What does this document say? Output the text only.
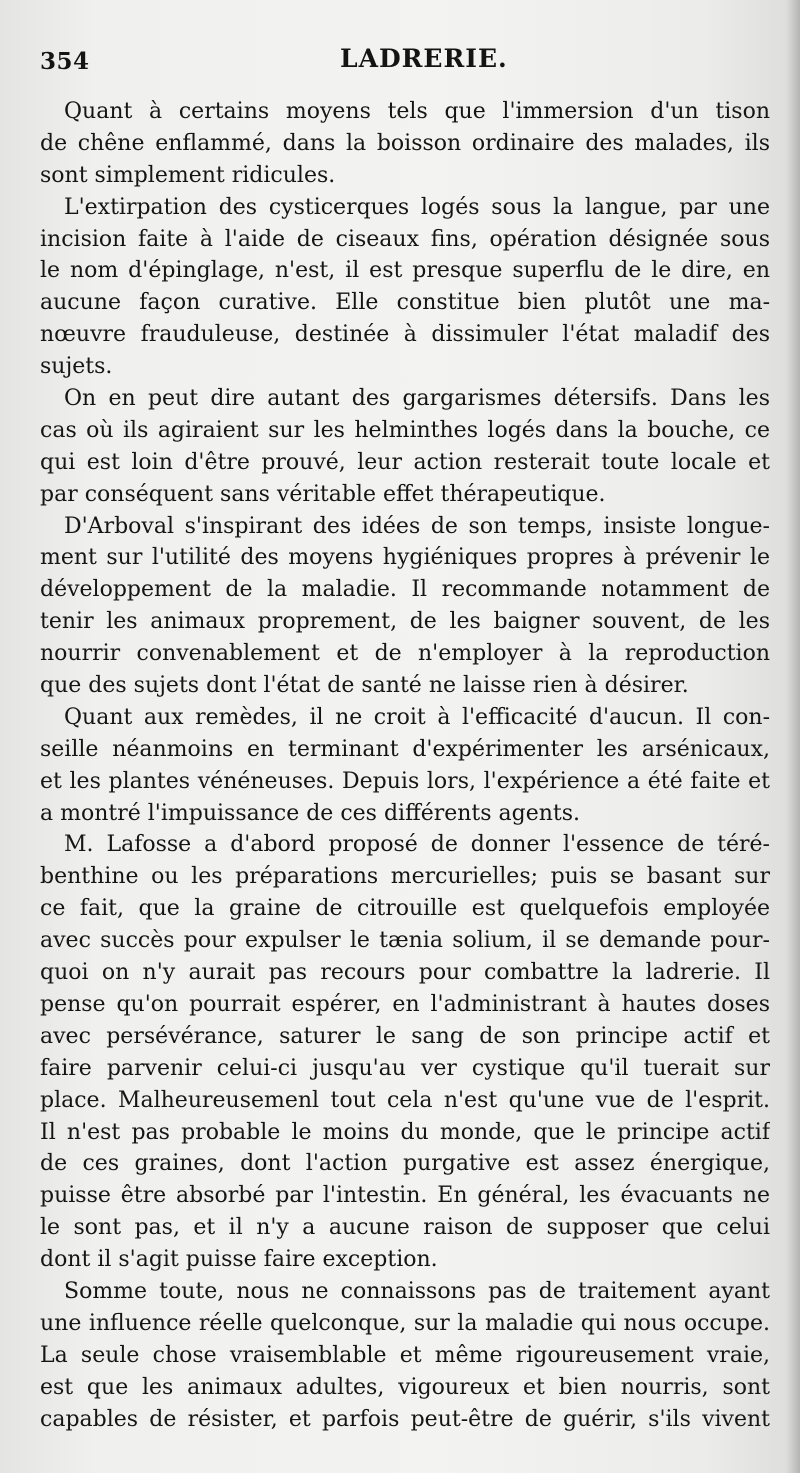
354	LADRERIE.
Quant à certains moyens tels que l'immersion d'un tison
de chêne enflammé, dans la boisson ordinaire des malades, ils
sont simplement ridicules.
L'extirpation des cysticerques logés sous la langue, par une
incision faite à l'aide de ciseaux fins, opération désignée sous
le nom d'épinglage, n'est, il est presque superflu de le dire, en
aucune façon curative. Elle constitue bien plutôt une ma-
nœuvre frauduleuse, destinée à dissimuler l'état maladif des
sujets.
On en peut dire autant des gargarismes détersifs. Dans les
cas où ils agiraient sur les helminthes logés dans la bouche, ce
qui est loin d'être prouvé, leur action resterait toute locale et
par conséquent sans véritable effet thérapeutique.
D'Arboval s'inspirant des idées de son temps, insiste longue-
ment sur l'utilité des moyens hygiéniques propres à prévenir le
développement de la maladie. Il recommande notamment de
tenir les animaux proprement, de les baigner souvent, de les
nourrir convenablement et de n'employer à la reproduction
que des sujets dont l'état de santé ne laisse rien à désirer.
Quant aux remèdes, il ne croit à l'efficacité d'aucun. Il con-
seille néanmoins en terminant d'expérimenter les arsénicaux,
et les plantes vénéneuses. Depuis lors, l'expérience a été faite et
a montré l'impuissance de ces différents agents.
M. Lafosse a d'abord proposé de donner l'essence de téré-
benthine ou les préparations mercurielles; puis se basant sur
ce fait, que la graine de citrouille est quelquefois employée
avec succès pour expulser le tænia solium, il se demande pour-
quoi on n'y aurait pas recours pour combattre la ladrerie. Il
pense qu'on pourrait espérer, en l'administrant à hautes doses
avec persévérance, saturer le sang de son principe actif et
faire parvenir celui-ci jusqu'au ver cystique qu'il tuerait sur
place. Malheureusemenl tout cela n'est qu'une vue de l'esprit.
Il n'est pas probable le moins du monde, que le principe actif
de ces graines, dont l'action purgative est assez énergique,
puisse être absorbé par l'intestin. En général, les évacuants ne
le sont pas, et il n'y a aucune raison de supposer que celui
dont il s'agit puisse faire exception.
Somme toute, nous ne connaissons pas de traitement ayant
une influence réelle quelconque, sur la maladie qui nous occupe.
La seule chose vraisemblable et même rigoureusement vraie,
est que les animaux adultes, vigoureux et bien nourris, sont
capables de résister, et parfois peut-être de guérir, s'ils vivent
